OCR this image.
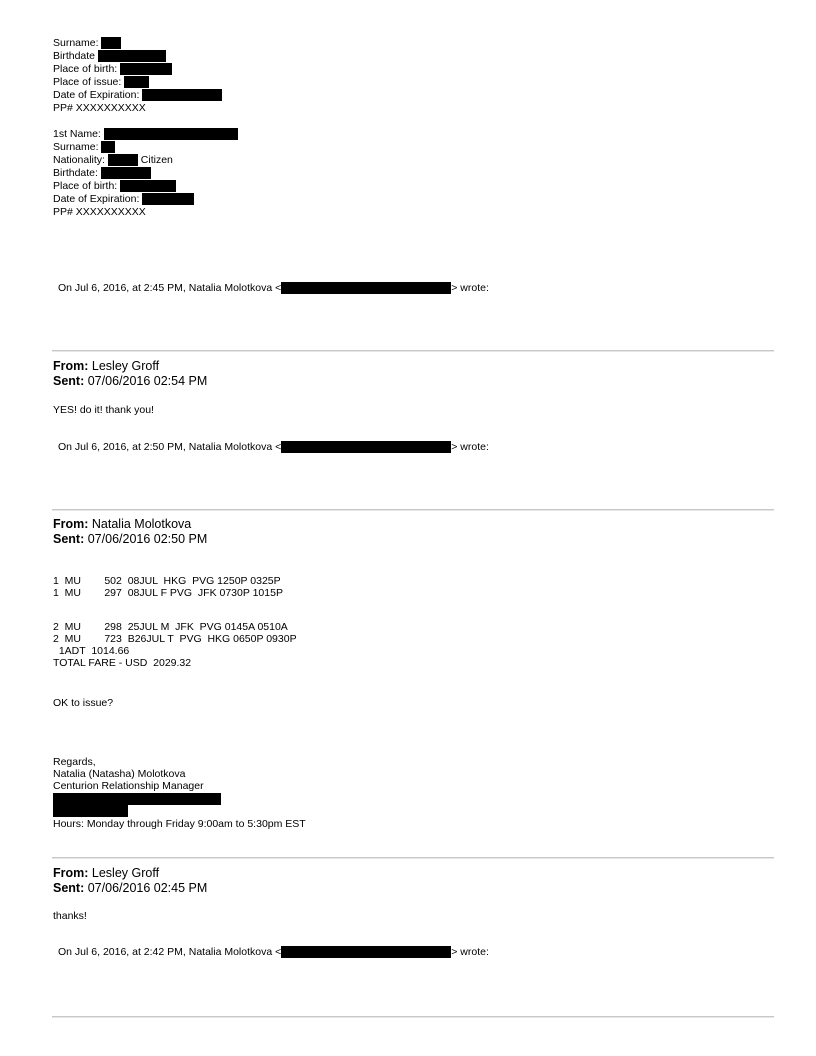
Surname:
Birthdate
Place of birth:
Place of issue:
Date of Expiration:
PP# XXXXXXXXXX
1st Name:
Surname:
Nationality:	Citizen
Birthdate:
Place of birth:
Date of Expiration:
PP# XXXXXXXXXX
On Jul 6, 2016, at 2:45 PM, Natalia Molotkova <	> wrote:
From: Lesley Groff
Sent: 07/06/2016 02:54 PM
YES! do it! thank you!
On Jul 6, 2016, at 2:50 PM, Natalia Molotkova <	> wrote:
From: Natalia Molotkova
Sent: 07/06/2016 02:50 PM
1  MU        502  08JUL  HKG  PVG 1250P 0325P
1  MU        297  08JUL F PVG  JFK 0730P 1015P
2  MU        298  25JUL M  JFK  PVG 0145A 0510A
2  MU        723  B26JUL T  PVG  HKG 0650P 0930P
1ADT  1014.66
TOTAL FARE - USD  2029.32
OK to issue?
Regards,
Natalia (Natasha) Molotkova
Centurion Relationship Manager
Hours: Monday through Friday 9:00am to 5:30pm EST
From: Lesley Groff
Sent: 07/06/2016 02:45 PM
thanks!
On Jul 6, 2016, at 2:42 PM, Natalia Molotkova <	> wrote:
